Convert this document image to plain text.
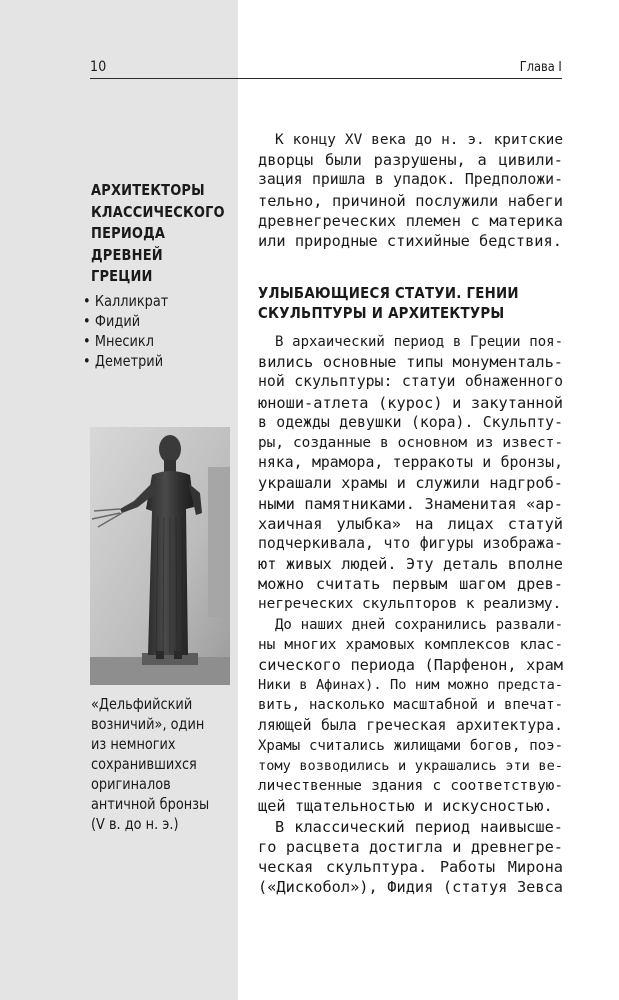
10	Глава I
АРХИТЕКТОРЫ
КЛАССИЧЕСКОГО
ПЕРИОДА
ДРЕВНЕЙ
ГРЕЦИИ
• Калликрат
• Фидий
• Мнесикл
• Деметрий
«Дельфийский
возничий», один
из немногих
сохранившихся
оригиналов
античной бронзы
(V в. до н. э.)
К концу XV века до н. э. критские
дворцы были разрушены, а цивили-
зация пришла в упадок. Предположи-
тельно, причиной послужили набеги
древнегреческих племен с материка
или природные стихийные бедствия.
УЛЫБАЮЩИЕСЯ СТАТУИ. ГЕНИИ
СКУЛЬПТУРЫ И АРХИТЕКТУРЫ
В архаический период в Греции поя-
вились основные типы монументаль-
ной скульптуры: статуи обнаженного
юноши-атлета (курос) и закутанной
в одежды девушки (кора). Скульпту-
ры, созданные в основном из извест-
няка, мрамора, терракоты и бронзы,
украшали храмы и служили надгроб-
ными памятниками. Знаменитая «ар-
хаичная улыбка» на лицах статуй
подчеркивала, что фигуры изобража-
ют живых людей. Эту деталь вполне
можно считать первым шагом древ-
негреческих скульпторов к реализму.
До наших дней сохранились развали-
ны многих храмовых комплексов клас-
сического периода (Парфенон, храм
Ники в Афинах). По ним можно предста-
вить, насколько масштабной и впечат-
ляющей была греческая архитектура.
Храмы считались жилищами богов, поэ-
тому возводились и украшались эти ве-
личественные здания с соответствую-
щей тщательностью и искусностью.
В классический период наивысше-
го расцвета достигла и древнегре-
ческая скульптура. Работы Мирона
(«Дискобол»), Фидия (статуя Зевса
